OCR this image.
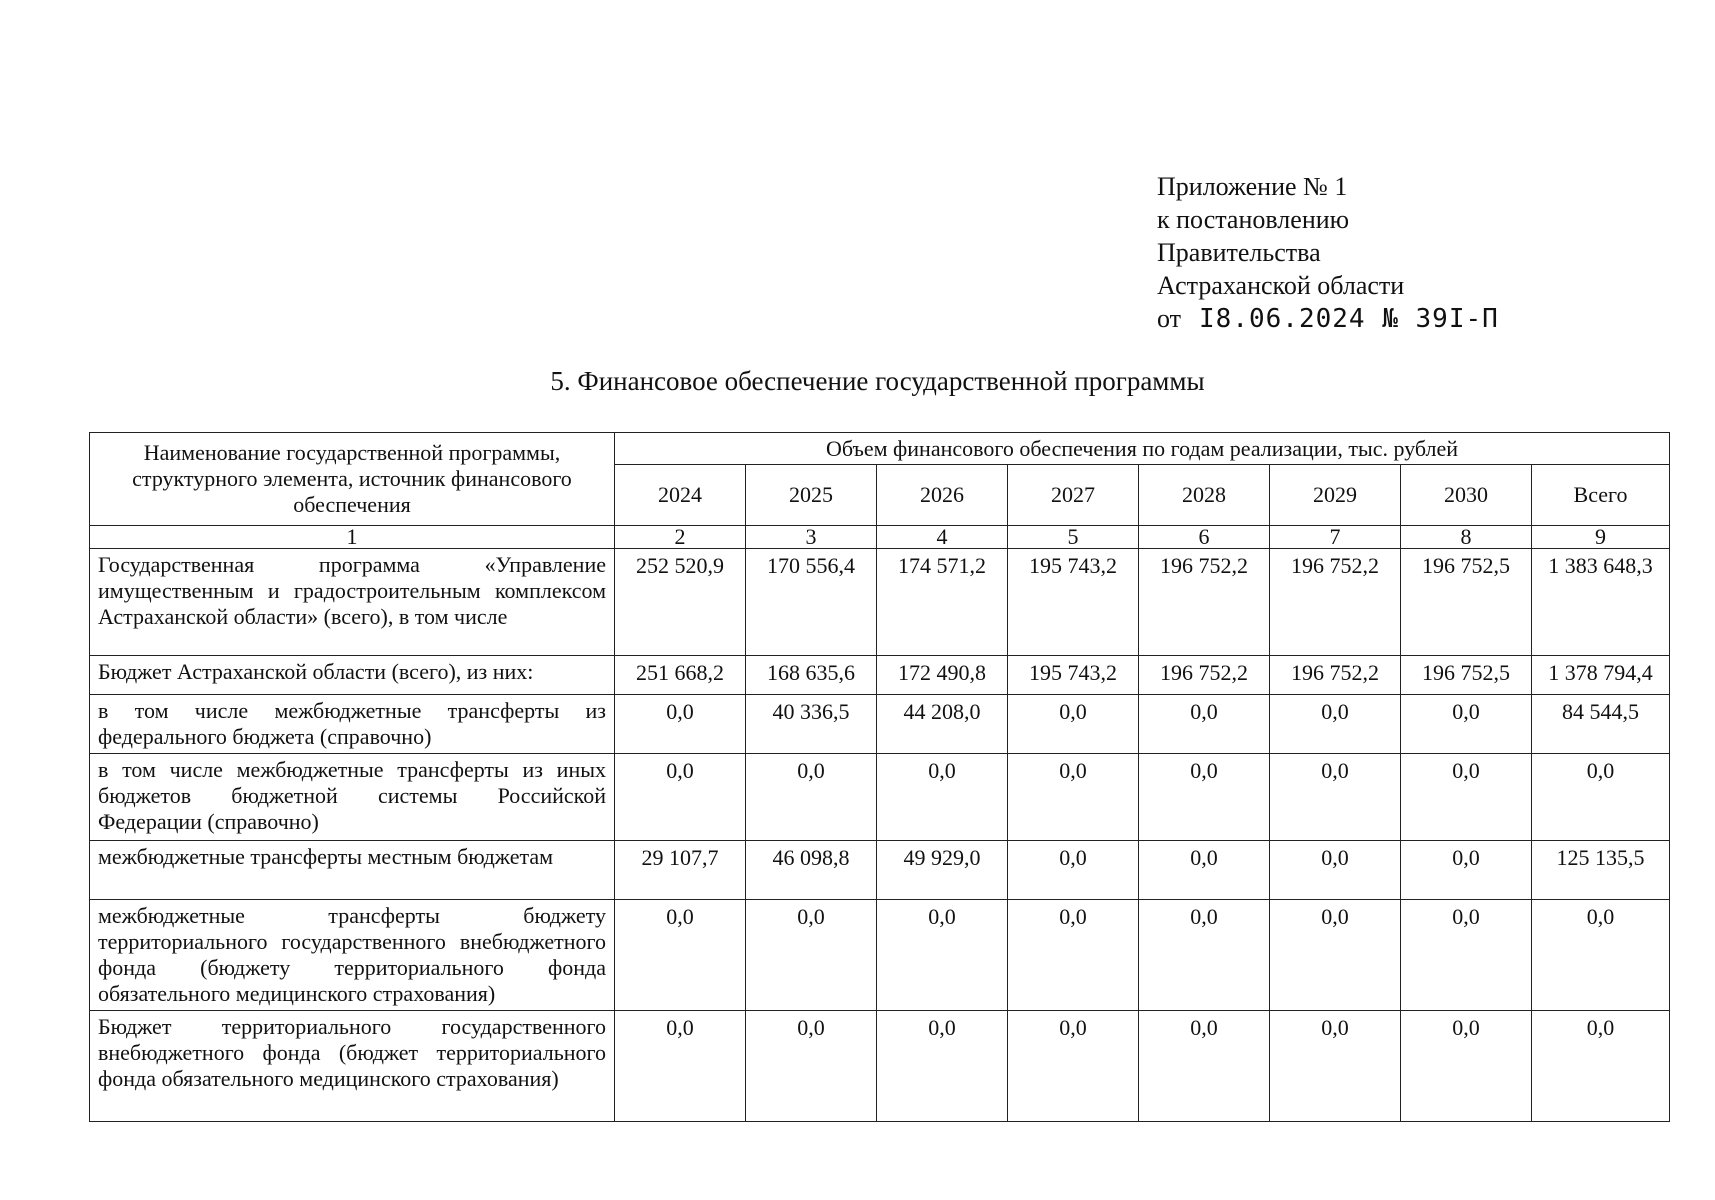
Приложение № 1
к постановлению
Правительства
Астраханской области
от I8.06.2024 № 39I-П
5. Финансовое обеспечение государственной программы
Наименование государственной программы, структурного элемента, источник финансового обеспечения	Объем финансового обеспечения по годам реализации, тыс. рублей							
	2024	2025	2026	2027	2028	2029	2030	Всего
1	2	3	4	5	6	7	8	9
Государственная программа «Управление имущественным и градостроительным комплексом Астраханской области» (всего), в том числе	252 520,9	170 556,4	174 571,2	195 743,2	196 752,2	196 752,2	196 752,5	1 383 648,3
Бюджет Астраханской области (всего), из них:	251 668,2	168 635,6	172 490,8	195 743,2	196 752,2	196 752,2	196 752,5	1 378 794,4
в том числе межбюджетные трансферты из федерального бюджета (справочно)	0,0	40 336,5	44 208,0	0,0	0,0	0,0	0,0	84 544,5
в том числе межбюджетные трансферты из иных бюджетов бюджетной системы Российской Федерации (справочно)	0,0	0,0	0,0	0,0	0,0	0,0	0,0	0,0
межбюджетные трансферты местным бюджетам	29 107,7	46 098,8	49 929,0	0,0	0,0	0,0	0,0	125 135,5
межбюджетные трансферты бюджету территориального государственного внебюджетного фонда (бюджету территориального фонда обязательного медицинского страхования)	0,0	0,0	0,0	0,0	0,0	0,0	0,0	0,0
Бюджет территориального государственного внебюджетного фонда (бюджет территориального фонда обязательного медицинского страхования)	0,0	0,0	0,0	0,0	0,0	0,0	0,0	0,0
